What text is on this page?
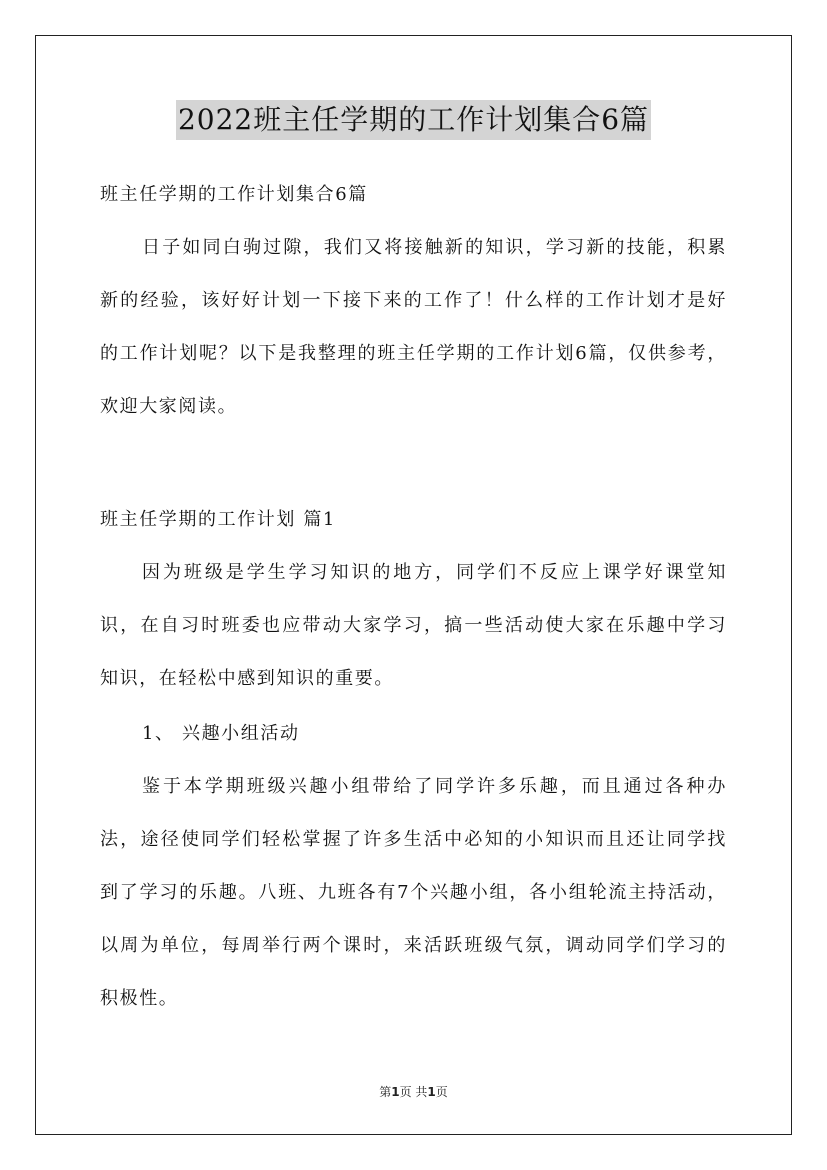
2022班主任学期的工作计划集合6篇

班主任学期的工作计划集合6篇

日子如同白驹过隙，我们又将接触新的知识，学习新的技能，积累新的经验，该好好计划一下接下来的工作了！什么样的工作计划才是好的工作计划呢？以下是我整理的班主任学期的工作计划6篇，仅供参考，欢迎大家阅读。

班主任学期的工作计划 篇1

因为班级是学生学习知识的地方，同学们不反应上课学好课堂知识，在自习时班委也应带动大家学习，搞一些活动使大家在乐趣中学习知识，在轻松中感到知识的重要。

1、 兴趣小组活动

鉴于本学期班级兴趣小组带给了同学许多乐趣，而且通过各种办法，途径使同学们轻松掌握了许多生活中必知的小知识而且还让同学找到了学习的乐趣。八班、九班各有7个兴趣小组，各小组轮流主持活动，以周为单位，每周举行两个课时，来活跃班级气氛，调动同学们学习的积极性。

第1页 共1页
